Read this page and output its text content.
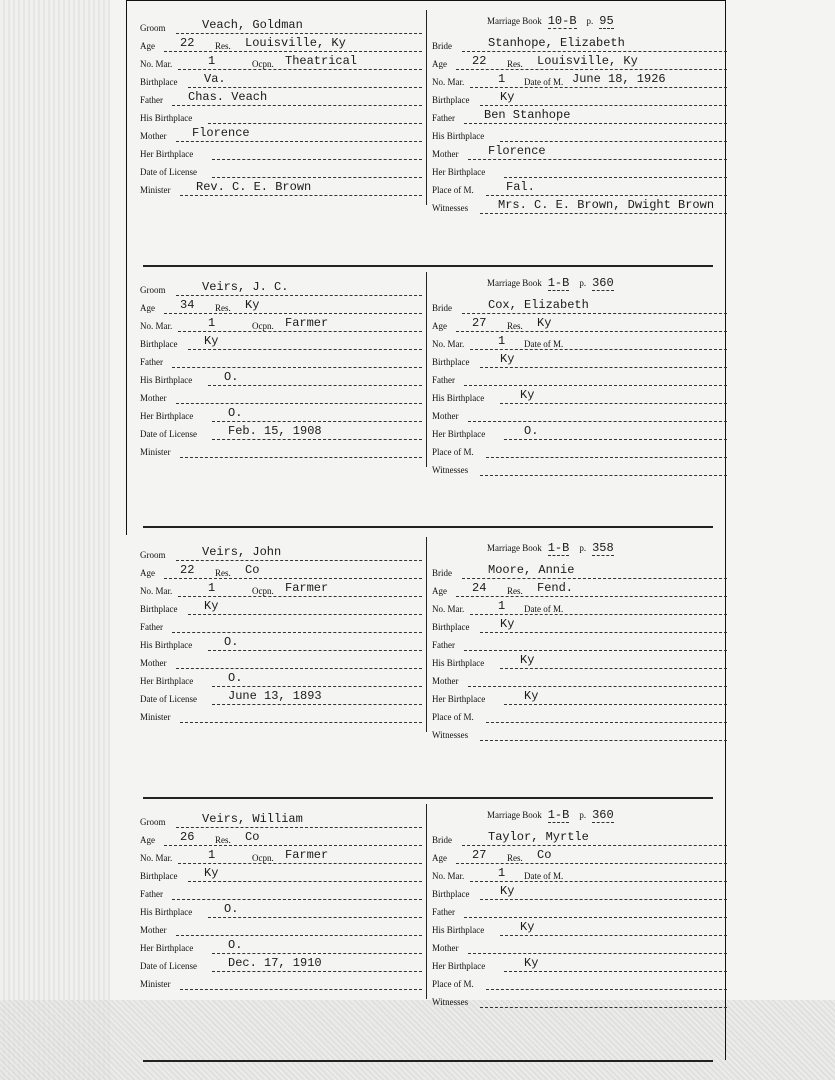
Groom	Veach, Goldman
Age 22 Res. Louisville, Ky
No. Mar.	1	Ocpn. Theatrical
Birthplace Va.
Father Chas. Veach
His Birthplace
Mother Florence
Her Birthplace
Date of License
Minister Rev. C. E. Brown
Marriage Book 10-B p. 95
Bride	Stanhope, Elizabeth
Age 22 Res. Louisville, Ky
No. Mar.	1 Date of M. June 18, 1926
Birthplace	Ky
Father Ben Stanhope
His Birthplace
Mother Florence
Her Birthplace
Place of M.	Fal.
Witnesses Mrs. C. E. Brown, Dwight Brown
Groom	Veirs, J. C.
Age 34 Res. Ky
No. Mar.	1	Ocpn. Farmer
Birthplace Ky
Father
His Birthplace	O.
Mother
Her Birthplace	O.
Date of License	Feb. 15, 1908
Minister
Marriage Book 1-B p. 360
Bride	Cox, Elizabeth
Age 27 Res. Ky
No. Mar.	1 Date of M.
Birthplace	Ky
Father
His Birthplace	Ky
Mother
Her Birthplace	O.
Place of M.
Witnesses
Groom	Veirs, John
Age 22 Res. Co
No. Mar.	1	Ocpn. Farmer
Birthplace Ky
Father
His Birthplace	O.
Mother
Her Birthplace	O.
Date of License	June 13, 1893
Minister
Marriage Book 1-B p. 358
Bride	Moore, Annie
Age 24 Res. Fend.
No. Mar.	1 Date of M.
Birthplace	Ky
Father
His Birthplace	Ky
Mother
Her Birthplace	Ky
Place of M.
Witnesses
Groom	Veirs, William
Age 26 Res. Co
No. Mar.	1	Ocpn. Farmer
Birthplace Ky
Father
His Birthplace	O.
Mother
Her Birthplace	O.
Date of License	Dec. 17, 1910
Minister
Marriage Book 1-B p. 360
Bride	Taylor, Myrtle
Age 27 Res. Co
No. Mar.	1 Date of M.
Birthplace	Ky
Father
His Birthplace	Ky
Mother
Her Birthplace	Ky
Place of M.
Witnesses
